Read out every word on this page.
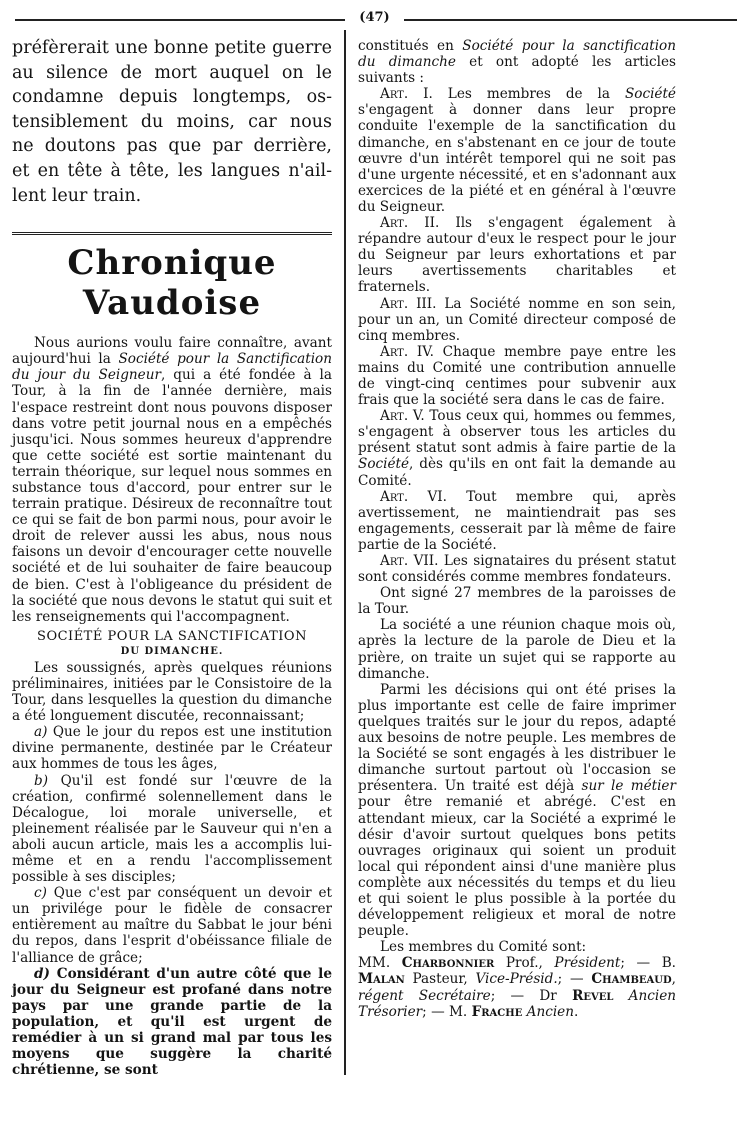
(47)
préfèrerait une bonne petite guerre
au silence de mort auquel on le
condamne depuis longtemps, os-
tensiblement du moins, car nous
ne doutons pas que par derrière,
et en tête à tête, les langues n'ail-
lent leur train.
Chronique Vaudoise

Nous aurions voulu faire connaître, avant aujourd'hui la Société pour la Sanctification du jour du Seigneur, qui a été fondée à la Tour, à la fin de l'année dernière, mais l'espace restreint dont nous pouvons disposer dans votre petit journal nous en a empêchés jusqu'ici. Nous sommes heureux d'apprendre que cette société est sortie maintenant du terrain théorique, sur lequel nous sommes en substance tous d'accord, pour entrer sur le terrain pratique. Désireux de reconnaître tout ce qui se fait de bon parmi nous, pour avoir le droit de relever aussi les abus, nous nous faisons un devoir d'encourager cette nouvelle société et de lui souhaiter de faire beaucoup de bien. C'est à l'obligeance du président de la société que nous devons le statut qui suit et les renseignements qui l'accompagnent.

SOCIÉTÉ POUR LA SANCTIFICATION
DU DIMANCHE.

Les soussignés, après quelques réunions préliminaires, initiées par le Consistoire de la Tour, dans lesquelles la question du dimanche a été longuement discutée, reconnaissant;

a) Que le jour du repos est une institution divine permanente, destinée par le Créateur aux hommes de tous les âges,

b) Qu'il est fondé sur l'œuvre de la création, confirmé solennellement dans le Décalogue, loi morale universelle, et pleinement réalisée par le Sauveur qui n'en a aboli aucun article, mais les a accomplis lui-même et en a rendu l'accomplissement possible à ses disciples;

c) Que c'est par conséquent un devoir et un privilége pour le fidèle de consacrer entièrement au maître du Sabbat le jour béni du repos, dans l'esprit d'obéissance filiale de l'alliance de grâce;

d) Considérant d'un autre côté que le jour du Seigneur est profané dans notre pays par une grande partie de la population, et qu'il est urgent de remédier à un si grand mal par tous les moyens que suggère la charité chrétienne, se sont

constitués en Société pour la sanctification du dimanche et ont adopté les articles suivants :

Art. I. Les membres de la Société s'engagent à donner dans leur propre conduite l'exemple de la sanctification du dimanche, en s'abstenant en ce jour de toute œuvre d'un intérêt temporel qui ne soit pas d'une urgente nécessité, et en s'adonnant aux exercices de la piété et en général à l'œuvre du Seigneur.

Art. II. Ils s'engagent également à répandre autour d'eux le respect pour le jour du Seigneur par leurs exhortations et par leurs avertissements charitables et fraternels.

Art. III. La Société nomme en son sein, pour un an, un Comité directeur composé de cinq membres.

Art. IV. Chaque membre paye entre les mains du Comité une contribution annuelle de vingt-cinq centimes pour subvenir aux frais que la société sera dans le cas de faire.

Art. V. Tous ceux qui, hommes ou femmes, s'engagent à observer tous les articles du présent statut sont admis à faire partie de la Société, dès qu'ils en ont fait la demande au Comité.

Art. VI. Tout membre qui, après avertissement, ne maintiendrait pas ses engagements, cesserait par là même de faire partie de la Société.

Art. VII. Les signataires du présent statut sont considérés comme membres fondateurs.

Ont signé 27 membres de la paroisses de la Tour.

La société a une réunion chaque mois où, après la lecture de la parole de Dieu et la prière, on traite un sujet qui se rapporte au dimanche.

Parmi les décisions qui ont été prises la plus importante est celle de faire imprimer quelques traités sur le jour du repos, adapté aux besoins de notre peuple. Les membres de la Société se sont engagés à les distribuer le dimanche surtout partout où l'occasion se présentera. Un traité est déjà sur le métier pour être remanié et abrégé. C'est en attendant mieux, car la Société a exprimé le désir d'avoir surtout quelques bons petits ouvrages originaux qui soient un produit local qui répondent ainsi d'une manière plus complète aux nécessités du temps et du lieu et qui soient le plus possible à la portée du développement religieux et moral de notre peuple.

Les membres du Comité sont:

MM. Charbonnier Prof., Président; — B. Malan Pasteur, Vice-Présid.; — Chambeaud, régent Secrétaire; — Dr Revel Ancien Trésorier; — M. Frache Ancien.
